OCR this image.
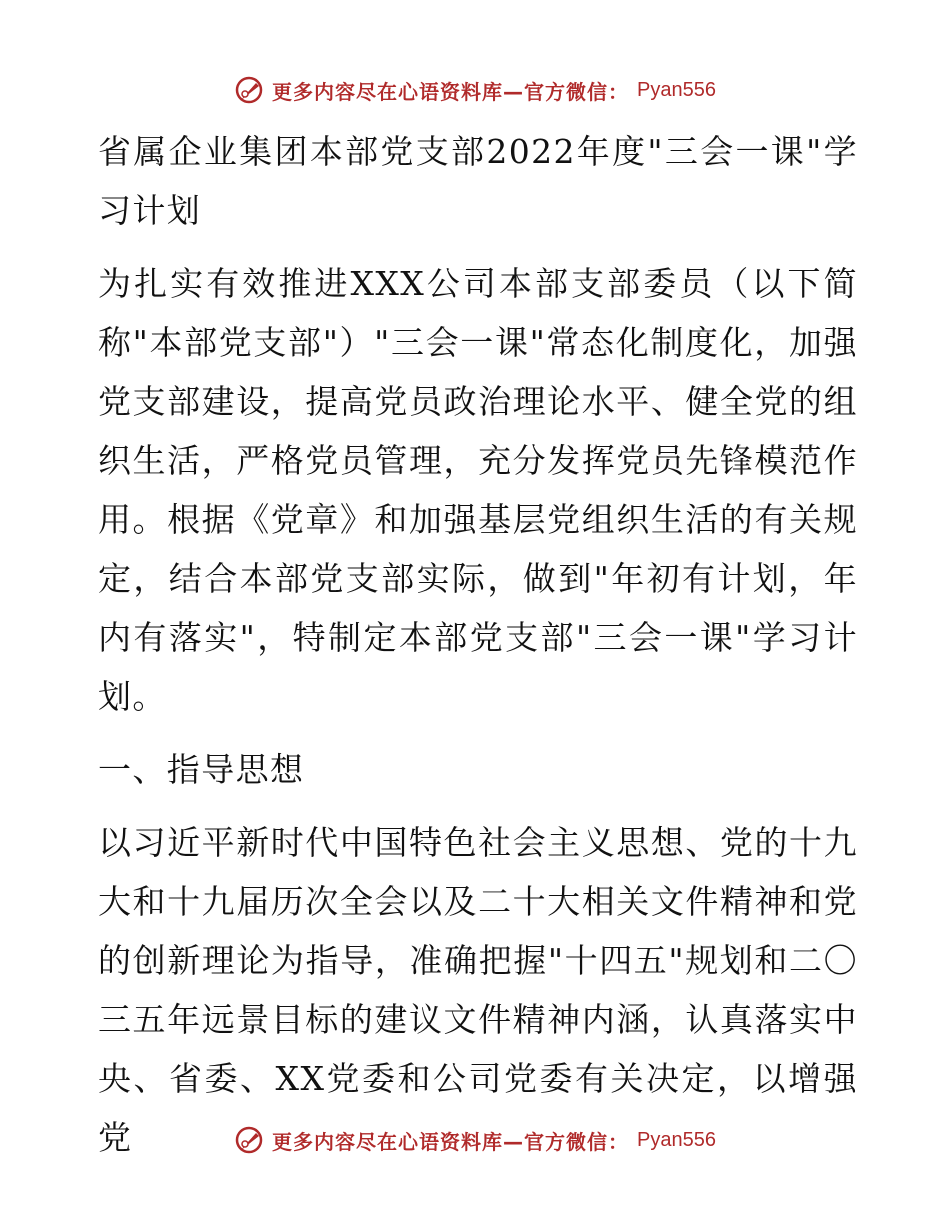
更多内容尽在心语资料库—官方微信： Pyan556

省属企业集团本部党支部2022年度"三会一课"学习计划

为扎实有效推进XXX公司本部支部委员（以下简称"本部党支部"）"三会一课"常态化制度化，加强党支部建设，提高党员政治理论水平、健全党的组织生活，严格党员管理，充分发挥党员先锋模范作用。根据《党章》和加强基层党组织生活的有关规定，结合本部党支部实际，做到"年初有计划，年内有落实"，特制定本部党支部"三会一课"学习计划。

一、指导思想

以习近平新时代中国特色社会主义思想、党的十九大和十九届历次全会以及二十大相关文件精神和党的创新理论为指导，准确把握"十四五"规划和二〇三五年远景目标的建议文件精神内涵，认真落实中央、省委、XX党委和公司党委有关决定，以增强党	更多内容尽在心语资料库—官方微信： Pyan556
